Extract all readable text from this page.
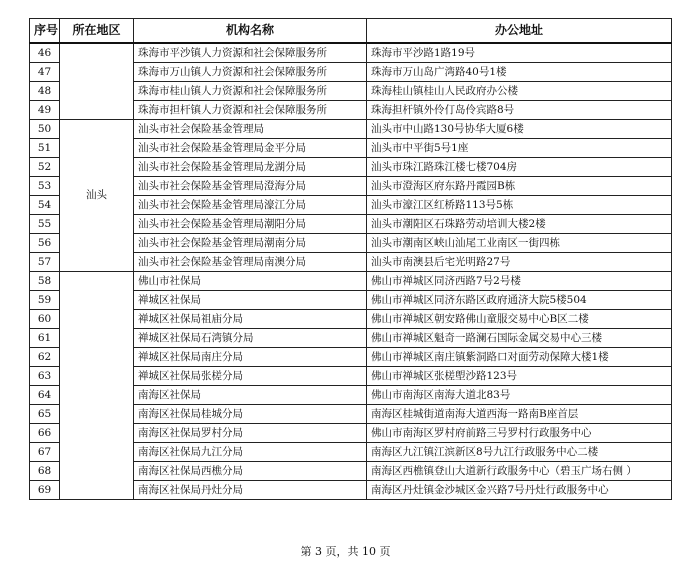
序号	所在地区	机构名称	办公地址
46		珠海市平沙镇人力资源和社会保障服务所	珠海市平沙路1路19号
47		珠海市万山镇人力资源和社会保障服务所	珠海市万山岛广湾路40号1楼
48		珠海市桂山镇人力资源和社会保障服务所	珠海桂山镇桂山人民政府办公楼
49		珠海市担杆镇人力资源和社会保障服务所	珠海担杆镇外伶仃岛伶宾路8号
50	汕头	汕头市社会保险基金管理局	汕头市中山路130号协华大厦6楼
51		汕头市社会保险基金管理局金平分局	汕头市中平街5号1座
52		汕头市社会保险基金管理局龙湖分局	汕头市珠江路珠江楼七楼704房
53		汕头市社会保险基金管理局澄海分局	汕头市澄海区府东路丹霞园B栋
54		汕头市社会保险基金管理局濠江分局	汕头市濠江区红桥路113号5栋
55		汕头市社会保险基金管理局潮阳分局	汕头市潮阳区石珠路劳动培训大楼2楼
56		汕头市社会保险基金管理局潮南分局	汕头市潮南区峡山汕尾工业南区一街四栋
57		汕头市社会保险基金管理局南澳分局	汕头市南澳县后宅光明路27号
58		佛山市社保局	佛山市禅城区同济西路7号2号楼
59		禅城区社保局	佛山市禅城区同济东路区政府通济大院5楼504
60		禅城区社保局祖庙分局	佛山市禅城区朝安路佛山童服交易中心B区二楼
61		禅城区社保局石湾镇分局	佛山市禅城区魁奇一路澜石国际金属交易中心三楼
62		禅城区社保局南庄分局	佛山市禅城区南庄镇紫洞路口对面劳动保障大楼1楼
63		禅城区社保局张槎分局	佛山市禅城区张槎塱沙路123号
64		南海区社保局	佛山市南海区南海大道北83号
65		南海区社保局桂城分局	南海区桂城街道南海大道西海一路南B座首层
66		南海区社保局罗村分局	佛山市南海区罗村府前路三号罗村行政服务中心
67		南海区社保局九江分局	南海区九江镇江滨新区8号九江行政服务中心二楼
68		南海区社保局西樵分局	南海区西樵镇登山大道新行政服务中心（碧玉广场右侧 ）
69		南海区社保局丹灶分局	南海区丹灶镇金沙城区金兴路7号丹灶行政服务中心
第 3 页，共 10 页
